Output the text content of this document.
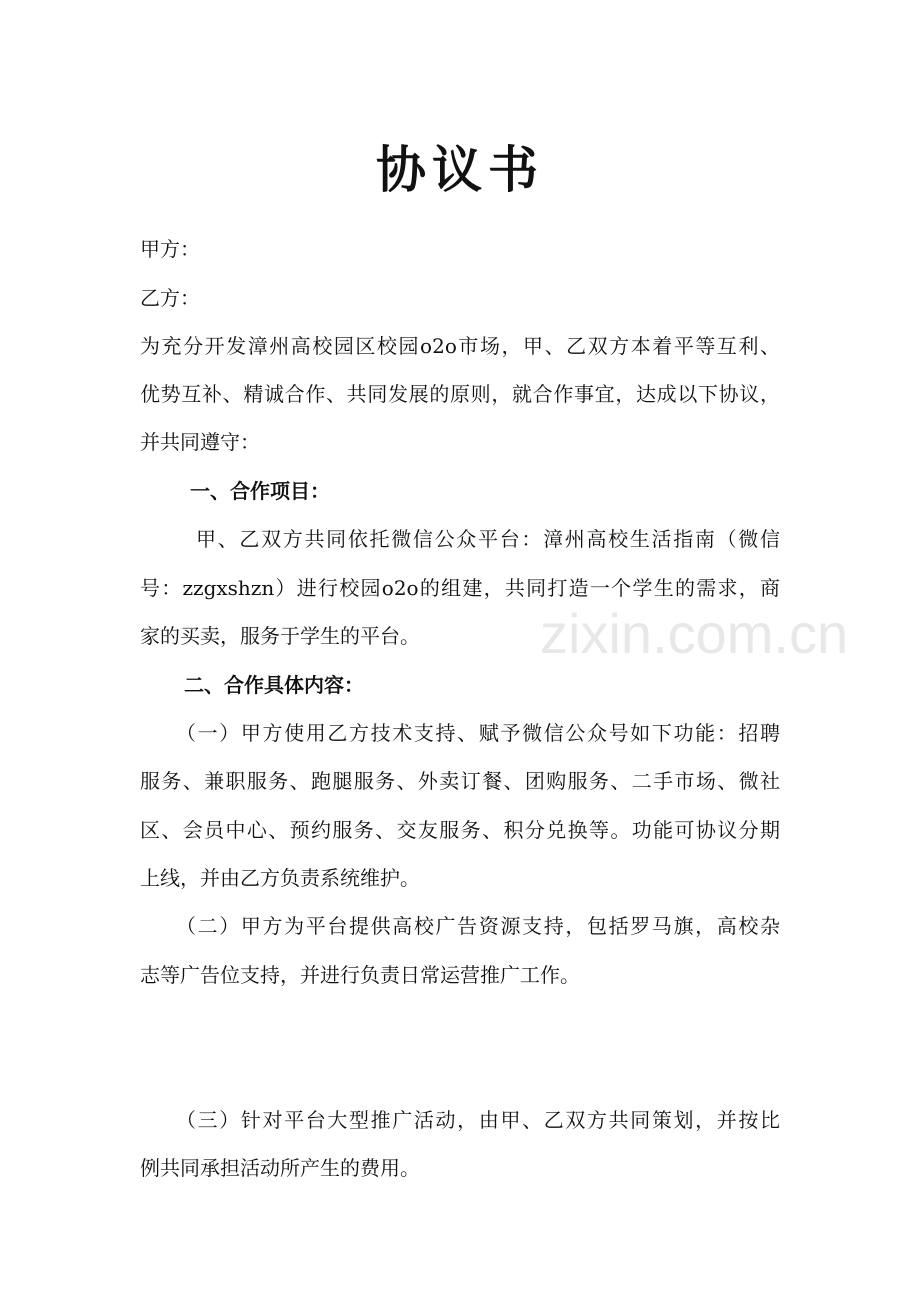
协议书
甲方：
乙方：
为充分开发漳州高校园区校园o2o市场，甲、乙双方本着平等互利、
优势互补、精诚合作、共同发展的原则，就合作事宜，达成以下协议，
并共同遵守：
一、合作项目：
甲、乙双方共同依托微信公众平台：漳州高校生活指南（微信
号：zzgxshzn）进行校园o2o的组建，共同打造一个学生的需求，商
家的买卖，服务于学生的平台。
二、合作具体内容：
（一）甲方使用乙方技术支持、赋予微信公众号如下功能：招聘
服务、兼职服务、跑腿服务、外卖订餐、团购服务、二手市场、微社
区、会员中心、预约服务、交友服务、积分兑换等。功能可协议分期
上线，并由乙方负责系统维护。
（二）甲方为平台提供高校广告资源支持，包括罗马旗，高校杂
志等广告位支持，并进行负责日常运营推广工作。
（三）针对平台大型推广活动，由甲、乙双方共同策划，并按比
例共同承担活动所产生的费用。
zixin.com.cn
